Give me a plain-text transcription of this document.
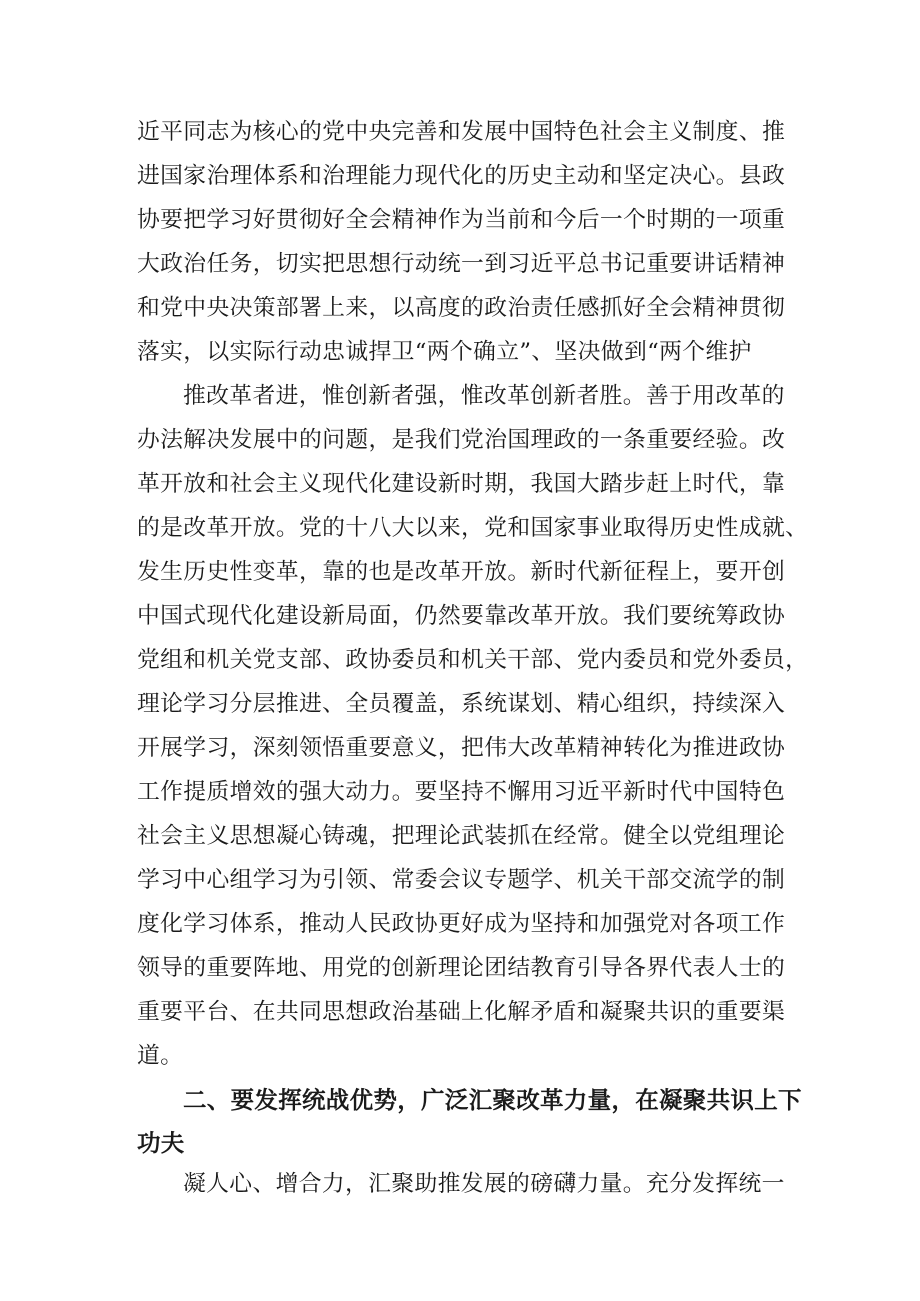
近平同志为核心的党中央完善和发展中国特色社会主义制度、推
进国家治理体系和治理能力现代化的历史主动和坚定决心。县政
协要把学习好贯彻好全会精神作为当前和今后一个时期的一项重
大政治任务，切实把思想行动统一到习近平总书记重要讲话精神
和党中央决策部署上来，以高度的政治责任感抓好全会精神贯彻
落实，以实际行动忠诚捍卫“两个确立”、坚决做到“两个维护
推改革者进，惟创新者强，惟改革创新者胜。善于用改革的
办法解决发展中的问题，是我们党治国理政的一条重要经验。改
革开放和社会主义现代化建设新时期，我国大踏步赶上时代，靠
的是改革开放。党的十八大以来，党和国家事业取得历史性成就、
发生历史性变革，靠的也是改革开放。新时代新征程上，要开创
中国式现代化建设新局面，仍然要靠改革开放。我们要统筹政协
党组和机关党支部、政协委员和机关干部、党内委员和党外委员，
理论学习分层推进、全员覆盖，系统谋划、精心组织，持续深入
开展学习，深刻领悟重要意义，把伟大改革精神转化为推进政协
工作提质增效的强大动力。要坚持不懈用习近平新时代中国特色
社会主义思想凝心铸魂，把理论武装抓在经常。健全以党组理论
学习中心组学习为引领、常委会议专题学、机关干部交流学的制
度化学习体系，推动人民政协更好成为坚持和加强党对各项工作
领导的重要阵地、用党的创新理论团结教育引导各界代表人士的
重要平台、在共同思想政治基础上化解矛盾和凝聚共识的重要渠
道。
二、要发挥统战优势，广泛汇聚改革力量，在凝聚共识上下
功夫
凝人心、增合力，汇聚助推发展的磅礴力量。充分发挥统一
